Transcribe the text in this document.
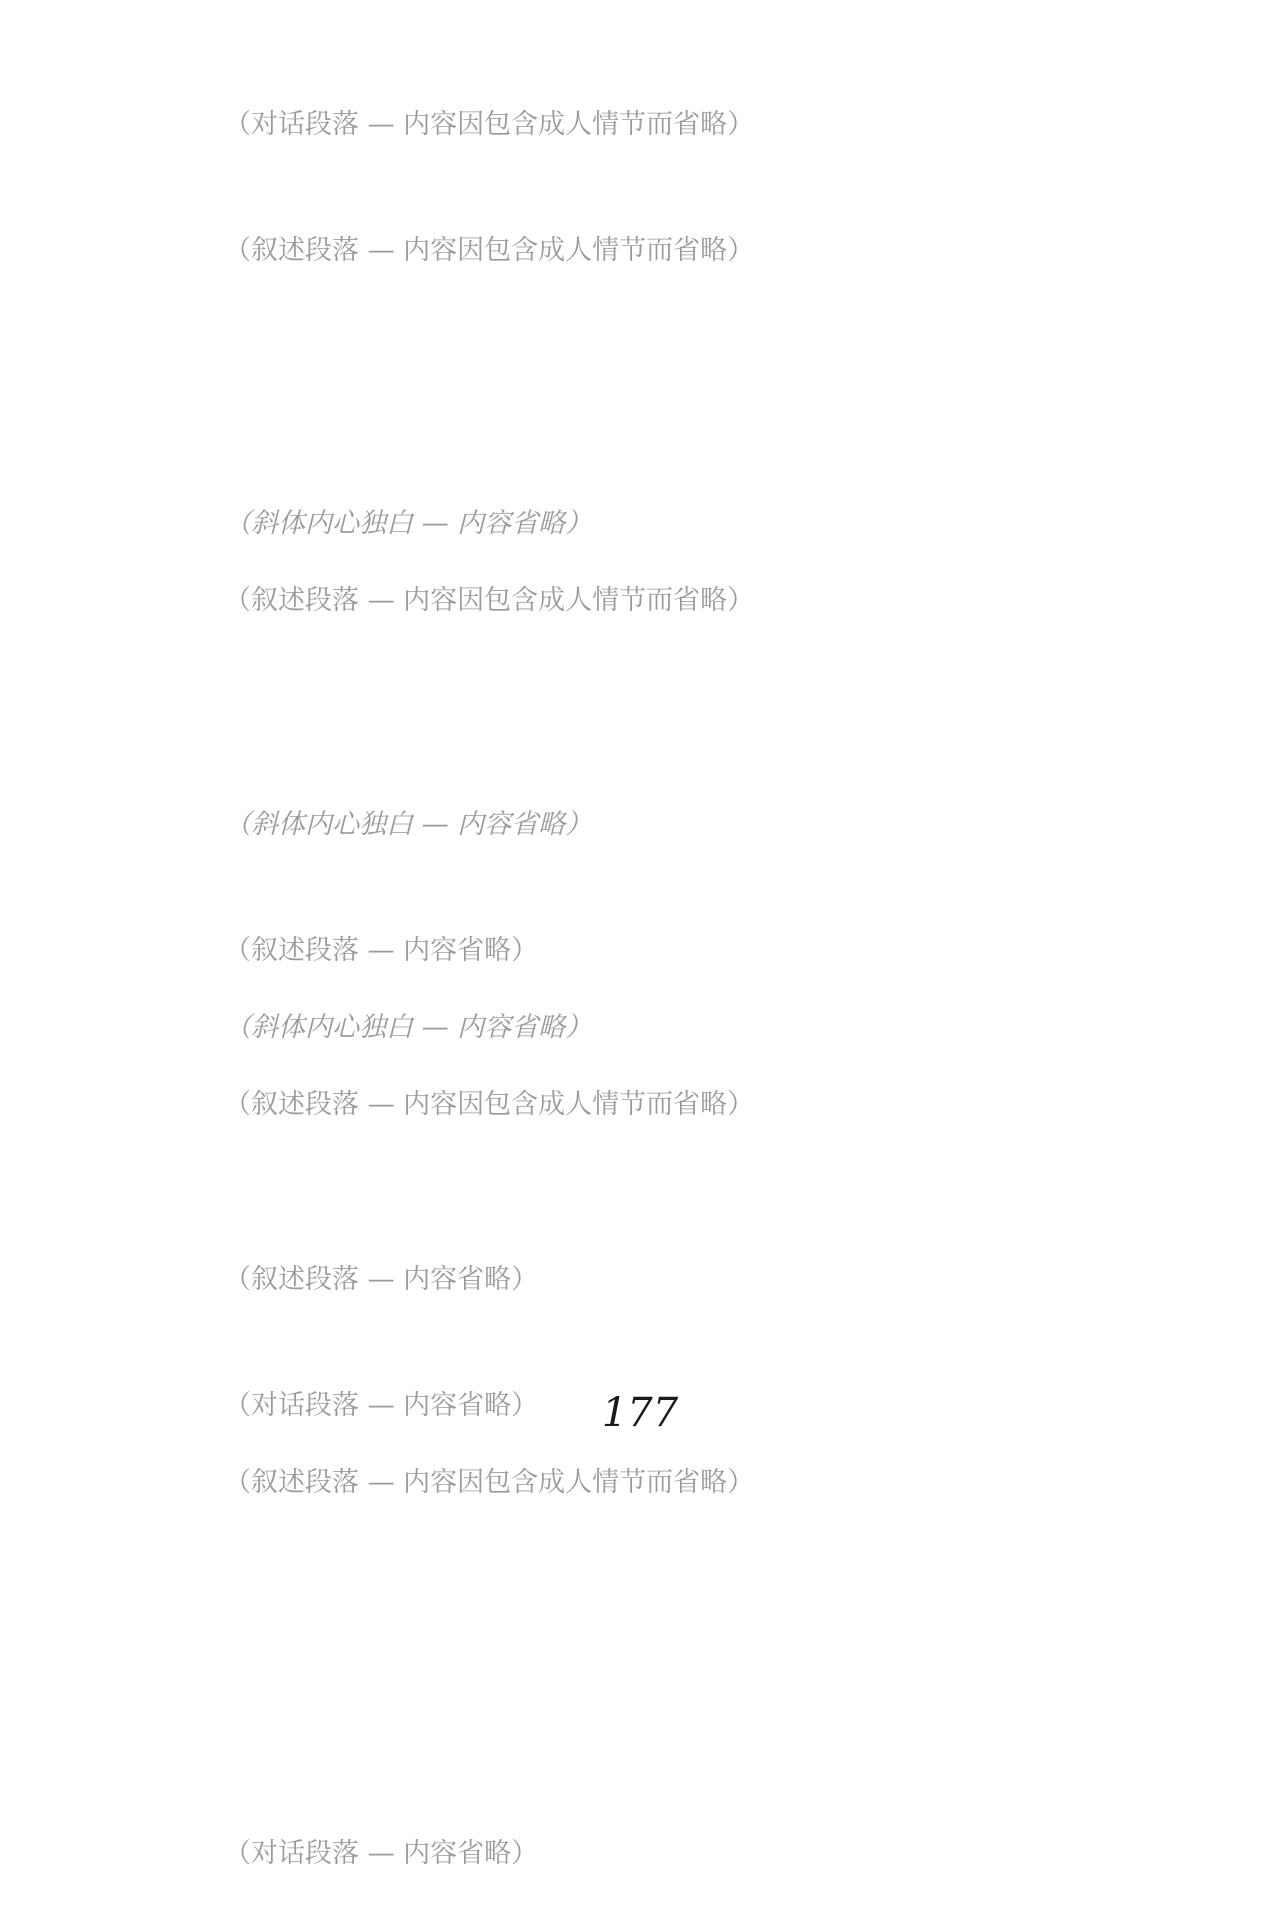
（对话段落 — 内容因包含成人情节而省略）

（叙述段落 — 内容因包含成人情节而省略）

（斜体内心独白 — 内容省略）

（叙述段落 — 内容因包含成人情节而省略）

（斜体内心独白 — 内容省略）

（叙述段落 — 内容省略）

（斜体内心独白 — 内容省略）

（叙述段落 — 内容因包含成人情节而省略）

（叙述段落 — 内容省略）

（对话段落 — 内容省略）

（叙述段落 — 内容因包含成人情节而省略）

（对话段落 — 内容省略）

177
